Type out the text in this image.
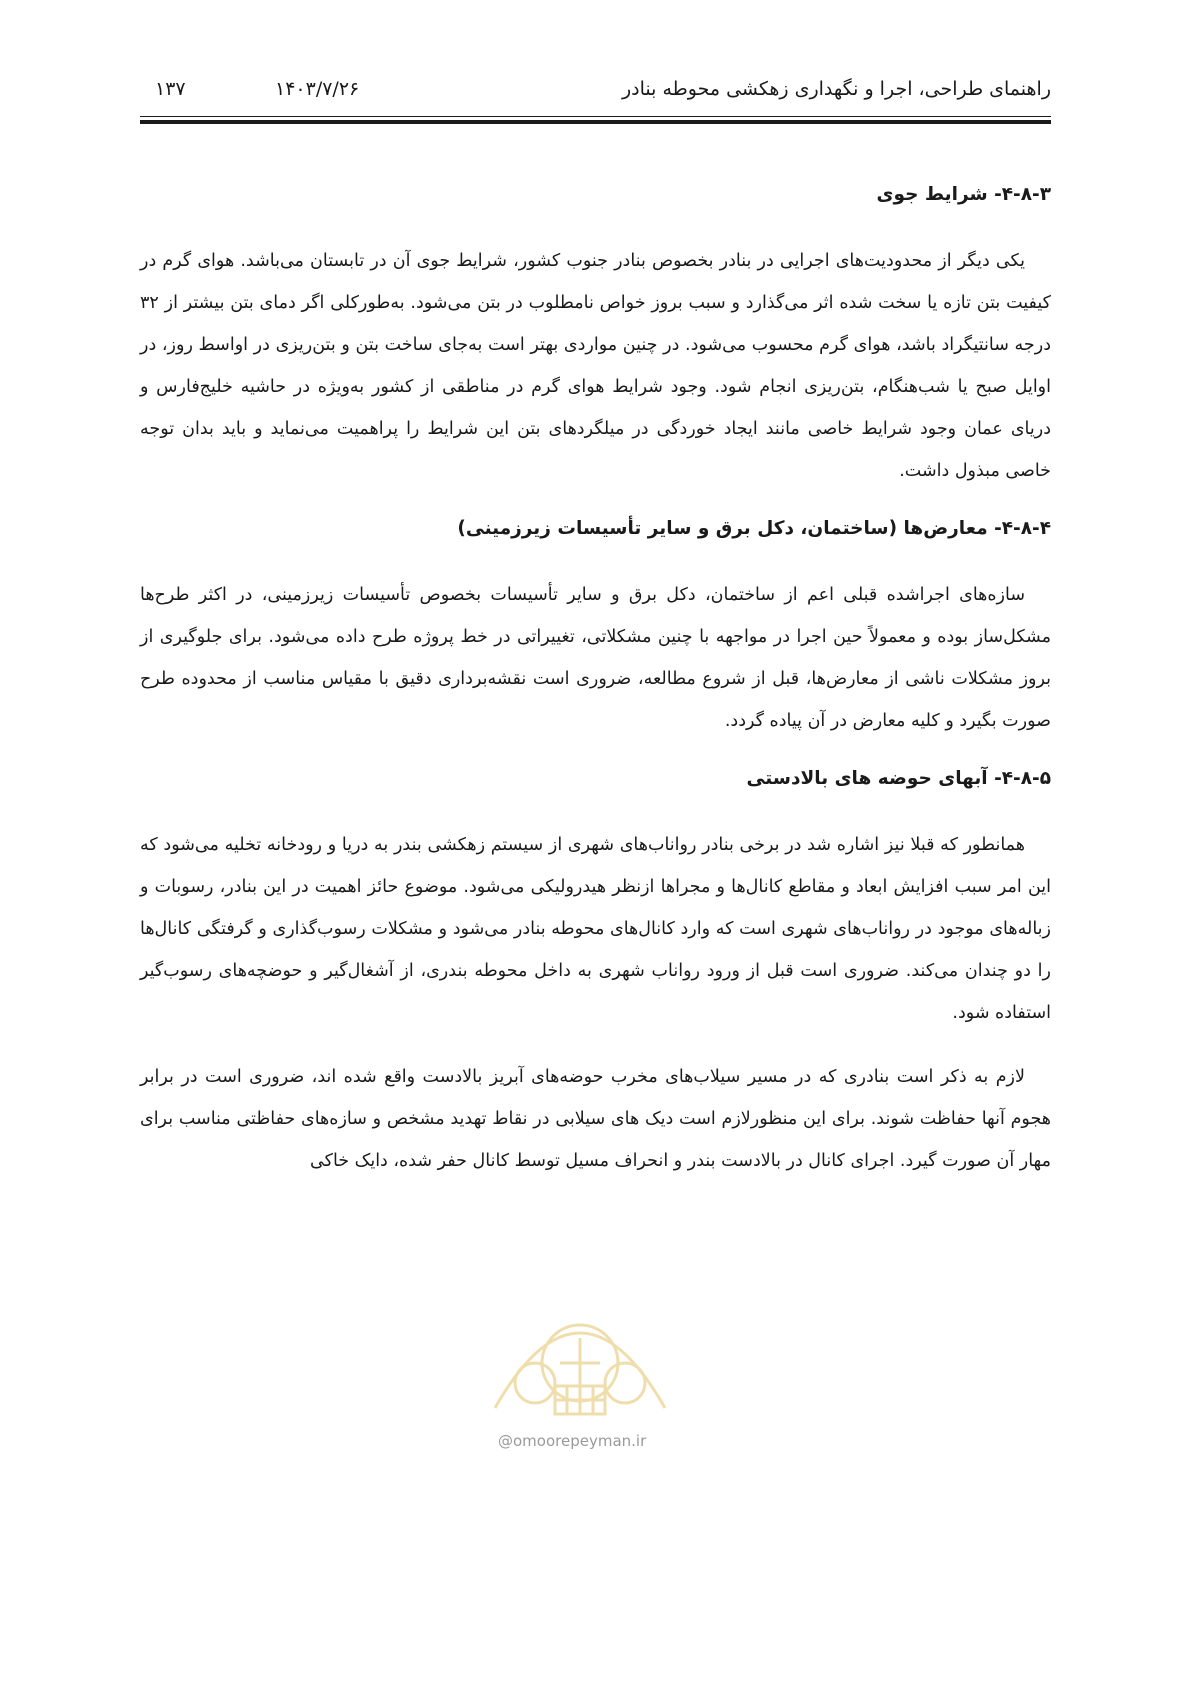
راهنمای طراحی، اجرا و نگهداری زهکشی محوطه بنادر
۱۴۰۳/۷/۲۶
۱۳۷
۴-۸-۳- شرایط جوی

یکی دیگر از محدودیت‌های اجرایی در بنادر بخصوص بنادر جنوب کشور، شرایط جوی آن در تابستان می‌باشد. هوای گرم در کیفیت بتن تازه یا سخت شده اثر می‌گذارد و سبب بروز خواص نامطلوب در بتن می‌شود. به‌طورکلی اگر دمای بتن بیشتر از ۳۲ درجه سانتیگراد باشد، هوای گرم محسوب می‌شود. در چنین مواردی بهتر است به‌جای ساخت بتن و بتن‌ریزی در اواسط روز، در اوایل صبح یا شب‌هنگام، بتن‌ریزی انجام شود. وجود شرایط هوای گرم در مناطقی از کشور به‌ویژه در حاشیه خلیج‌فارس و دریای عمان وجود شرایط خاصی مانند ایجاد خوردگی در میلگردهای بتن این شرایط را پراهمیت می‌نماید و باید بدان توجه خاصی مبذول داشت.

۴-۸-۴- معارض‌ها (ساختمان، دکل برق و سایر تأسیسات زیرزمینی)

سازه‌های اجراشده قبلی اعم از ساختمان، دکل برق و سایر تأسیسات بخصوص تأسیسات زیرزمینی، در اکثر طرح‌ها مشکل‌ساز بوده و معمولاً حین اجرا در مواجهه با چنین مشکلاتی، تغییراتی در خط پروژه طرح داده می‌شود. برای جلوگیری از بروز مشکلات ناشی از معارض‌ها، قبل از شروع مطالعه، ضروری است نقشه‌برداری دقیق با مقیاس مناسب از محدوده طرح صورت بگیرد و کلیه معارض در آن پیاده گردد.

۴-۸-۵- آبهای حوضه های بالادستی

همانطور که قبلا نیز اشاره شد در برخی بنادر رواناب‌های شهری از سیستم زهکشی بندر به دریا و رودخانه تخلیه می‌شود که این امر سبب افزایش ابعاد و مقاطع کانال‌ها و مجراها ازنظر هیدرولیکی می‌شود. موضوع حائز اهمیت در این بنادر، رسوبات و زباله‌های موجود در رواناب‌های شهری است که وارد کانال‌های محوطه بنادر می‌شود و مشکلات رسوب‌گذاری و گرفتگی کانال‌ها را دو چندان می‌کند. ضروری است قبل از ورود رواناب شهری به داخل محوطه بندری، از آشغال‌گیر و حوضچه‌های رسوب‌گیر استفاده شود.

لازم به ذکر است بنادری که در مسیر سیلاب‌های مخرب حوضه‌های آبریز بالادست واقع شده اند، ضروری است در برابر هجوم آنها حفاظت شوند. برای این منظورلازم است دیک های سیلابی در نقاط تهدید مشخص و سازه‌های حفاظتی مناسب برای مهار آن صورت گیرد. اجرای کانال در بالادست بندر و انحراف مسیل توسط کانال حفر شده، دایک خاکی

@omoorepeyman.ir
